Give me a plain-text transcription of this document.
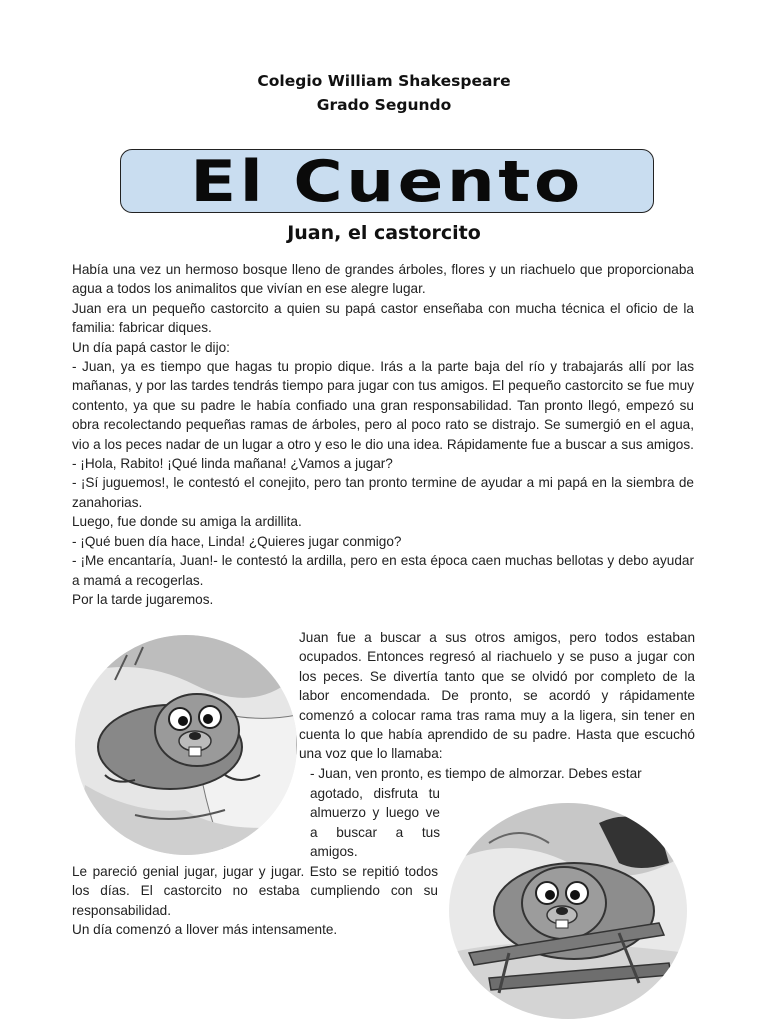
Colegio William Shakespeare
Grado Segundo
El Cuento
Juan, el castorcito

Había una vez un hermoso bosque lleno de grandes árboles, flores y un riachuelo que proporcionaba agua a todos los animalitos que vivían en ese alegre lugar.
Juan era un pequeño castorcito a quien su papá castor enseñaba con mucha técnica el oficio de la familia: fabricar diques.
Un día papá castor le dijo:
- Juan, ya es tiempo que hagas tu propio dique. Irás a la parte baja del río y trabajarás allí por las mañanas, y por las tardes tendrás tiempo para jugar con tus amigos. El pequeño castorcito se fue muy contento, ya que su padre le había confiado una gran responsabilidad. Tan pronto llegó, empezó su obra recolectando pequeñas ramas de árboles, pero al poco rato se distrajo. Se sumergió en el agua, vio a los peces nadar de un lugar a otro y eso le dio una idea. Rápidamente fue a buscar a sus amigos.
- ¡Hola, Rabito! ¡Qué linda mañana! ¿Vamos a jugar?
- ¡Sí juguemos!, le contestó el conejito, pero tan pronto termine de ayudar a mi papá en la siembra de zanahorias.
Luego, fue donde su amiga la ardillita.
- ¡Qué buen día hace, Linda! ¿Quieres jugar conmigo?
- ¡Me encantaría, Juan!- le contestó la ardilla, pero en esta época caen muchas bellotas y debo ayudar a mamá a recogerlas.
Por la tarde jugaremos.

Juan fue a buscar a sus otros amigos, pero todos estaban ocupados. Entonces regresó al riachuelo y se puso a jugar con los peces. Se divertía tanto que se olvidó por completo de la labor encomendada. De pronto, se acordó y rápidamente comenzó a colocar rama tras rama muy a la ligera, sin tener en cuenta lo que había aprendido de su padre. Hasta que escuchó una voz que lo llamaba:

- Juan, ven pronto, es tiempo de almorzar. Debes estar

agotado, disfruta tu almuerzo y luego ve a buscar a tus amigos.

Le pareció genial jugar, jugar y jugar. Esto se repitió todos los días. El castorcito no estaba cumpliendo con su responsabilidad.
Un día comenzó a llover más intensamente.
